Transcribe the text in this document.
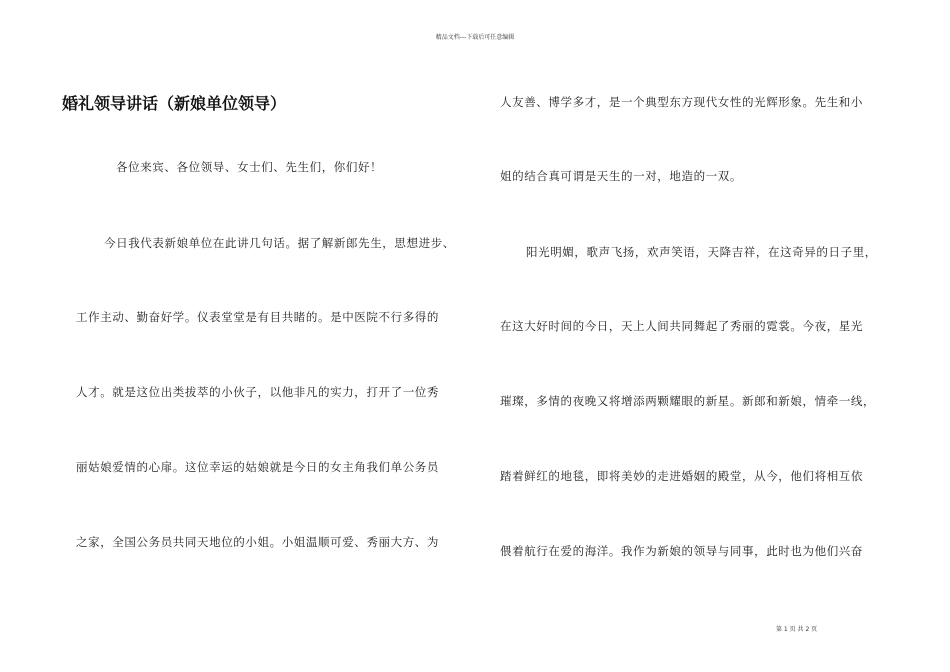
精品文档---下载后可任意编辑
婚礼领导讲话（新娘单位领导）
各位来宾、各位领导、女士们、先生们，你们好！
今日我代表新娘单位在此讲几句话。据了解新郎先生，思想进步、
工作主动、勤奋好学。仪表堂堂是有目共睹的。是中医院不行多得的
人才。就是这位出类拔萃的小伙子，以他非凡的实力，打开了一位秀
丽姑娘爱情的心扉。这位幸运的姑娘就是今日的女主角我们单公务员
之家，全国公务员共同天地位的小姐。小姐温顺可爱、秀丽大方、为
人友善、博学多才，是一个典型东方现代女性的光辉形象。先生和小
姐的结合真可谓是天生的一对，地造的一双。
阳光明媚，歌声飞扬，欢声笑语，天降吉祥，在这奇异的日子里，
在这大好时间的今日，天上人间共同舞起了秀丽的霓裳。今夜，星光
璀璨，多情的夜晚又将增添两颗耀眼的新星。新郎和新娘，情牵一线，
踏着鲜红的地毯，即将美妙的走进婚姻的殿堂，从今，他们将相互依
偎着航行在爱的海洋。我作为新娘的领导与同事，此时也为他们兴奋
第 1 页 共 2 页
